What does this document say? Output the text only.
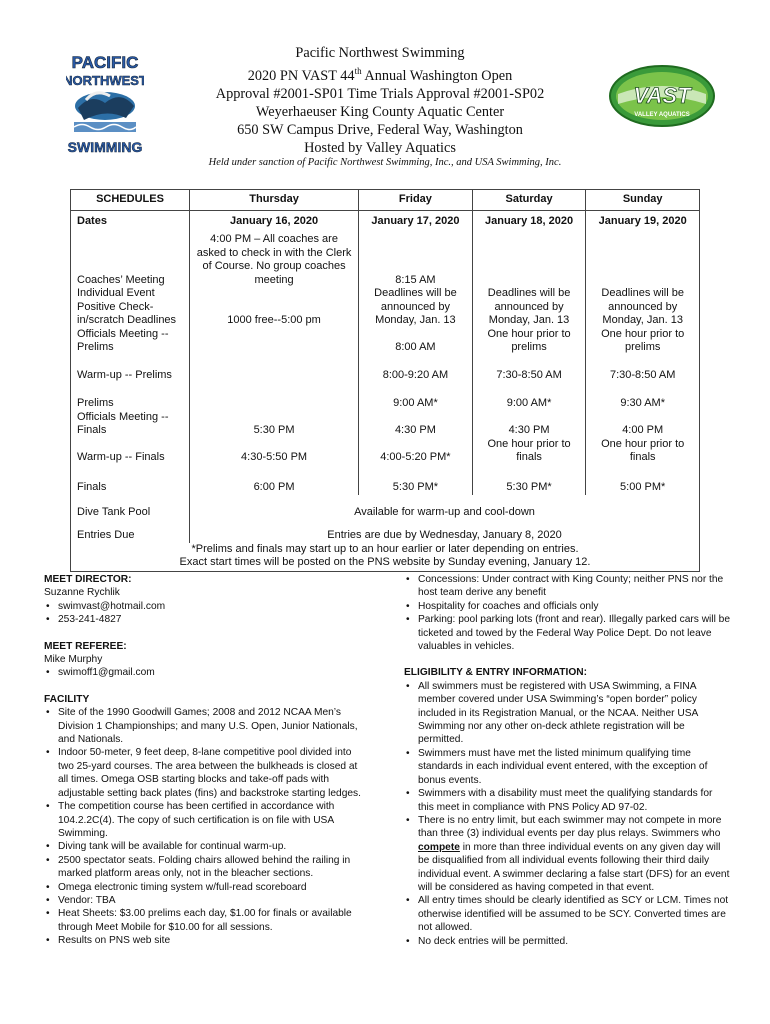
PACIFIC
NORTHWEST
SWIMMING
VAST
VALLEY AQUATICS
Pacific Northwest Swimming
2020 PN VAST 44th Annual Washington Open
Approval #2001-SP01 Time Trials Approval #2001-SP02
Weyerhaeuser King County Aquatic Center
650 SW Campus Drive, Federal Way, Washington
Hosted by Valley Aquatics
Held under sanction of Pacific Northwest Swimming, Inc., and USA Swimming, Inc.
SCHEDULES	Thursday	Friday	Saturday	Sunday
Dates	January 16, 2020	January 17, 2020	January 18, 2020	January 19, 2020
Coaches’ Meeting	4:00 PM – All coaches are asked to check in with the Clerk of Course. No group coaches meeting	8:15 AM		
Individual Event Positive Check-in/scratch Deadlines	1000 free--5:00 pm	Deadlines will be announced by Monday, Jan. 13	Deadlines will be announced by Monday, Jan. 13	Deadlines will be announced by Monday, Jan. 13
Officials Meeting -- Prelims		8:00 AM	One hour prior to prelims	One hour prior to prelims
Warm-up -- Prelims		8:00-9:20 AM	7:30-8:50 AM	7:30-8:50 AM
Prelims		9:00 AM*	9:00 AM*	9:30 AM*
Officials Meeting -- Finals	5:30 PM	4:30 PM	4:30 PM	4:00 PM
Warm-up -- Finals	4:30-5:50 PM	4:00-5:20 PM*	One hour prior to finals	One hour prior to finals
Finals	6:00 PM	5:30 PM*	5:30 PM*	5:00 PM*
Dive Tank Pool	Available for warm-up and cool-down			
Entries Due	Entries are due by Wednesday, January 8, 2020			

*Prelims and finals may start up to an hour earlier or later depending on entries.
Exact start times will be posted on the PNS website by Sunday evening, January 12.				
MEET DIRECTOR:
Suzanne Rychlik
• swimvast@hotmail.com
• 253-241-4827
MEET REFEREE:
Mike Murphy
• swimoff1@gmail.com
FACILITY
• Site of the 1990 Goodwill Games; 2008 and 2012 NCAA Men’s Division 1 Championships; and many U.S. Open, Junior Nationals, and Nationals.
• Indoor 50-meter, 9 feet deep, 8-lane competitive pool divided into two 25-yard courses. The area between the bulkheads is closed at all times. Omega OSB starting blocks and take-off pads with adjustable setting back plates (fins) and backstroke starting ledges.
• The competition course has been certified in accordance with 104.2.2C(4). The copy of such certification is on file with USA Swimming.
• Diving tank will be available for continual warm-up.
• 2500 spectator seats. Folding chairs allowed behind the railing in marked platform areas only, not in the bleacher sections.
• Omega electronic timing system w/full-read scoreboard
• Vendor: TBA
• Heat Sheets: $3.00 prelims each day, $1.00 for finals or available through Meet Mobile for $10.00 for all sessions.
• Results on PNS web site
• Concessions: Under contract with King County; neither PNS nor the host team derive any benefit
• Hospitality for coaches and officials only
• Parking: pool parking lots (front and rear). Illegally parked cars will be ticketed and towed by the Federal Way Police Dept. Do not leave valuables in vehicles.
ELIGIBILITY & ENTRY INFORMATION:
• All swimmers must be registered with USA Swimming, a FINA member covered under USA Swimming’s “open border” policy included in its Registration Manual, or the NCAA. Neither USA Swimming nor any other on-deck athlete registration will be permitted.
• Swimmers must have met the listed minimum qualifying time standards in each individual event entered, with the exception of bonus events.
• Swimmers with a disability must meet the qualifying standards for this meet in compliance with PNS Policy AD 97-02.
• There is no entry limit, but each swimmer may not compete in more than three (3) individual events per day plus relays. Swimmers who compete in more than three individual events on any given day will be disqualified from all individual events following their third daily individual event. A swimmer declaring a false start (DFS) for an event will be considered as having competed in that event.
• All entry times should be clearly identified as SCY or LCM. Times not otherwise identified will be assumed to be SCY. Converted times are not allowed.
• No deck entries will be permitted.
